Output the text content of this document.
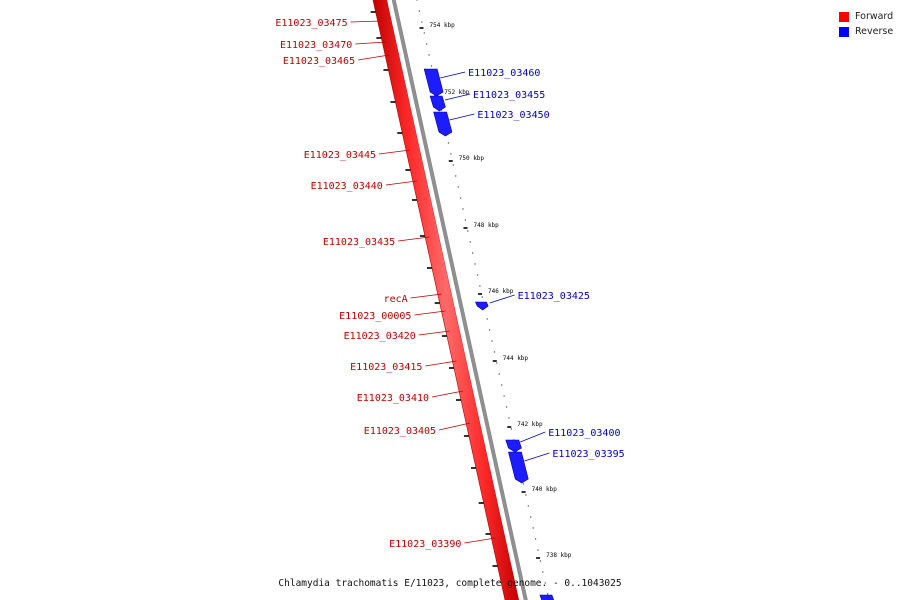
754 kbp
752 kbp
750 kbp
748 kbp
746 kbp
744 kbp
742 kbp
740 kbp
738 kbp
E11023_03475
E11023_03470
E11023_03465
E11023_03445
E11023_03440
E11023_03435
recA
E11023_00005
E11023_03420
E11023_03415
E11023_03410
E11023_03405
E11023_03390
E11023_03460
E11023_03455
E11023_03450
E11023_03425
E11023_03400
E11023_03395
Forward
Reverse
Chlamydia trachomatis E/11023, complete genome. - 0..1043025
